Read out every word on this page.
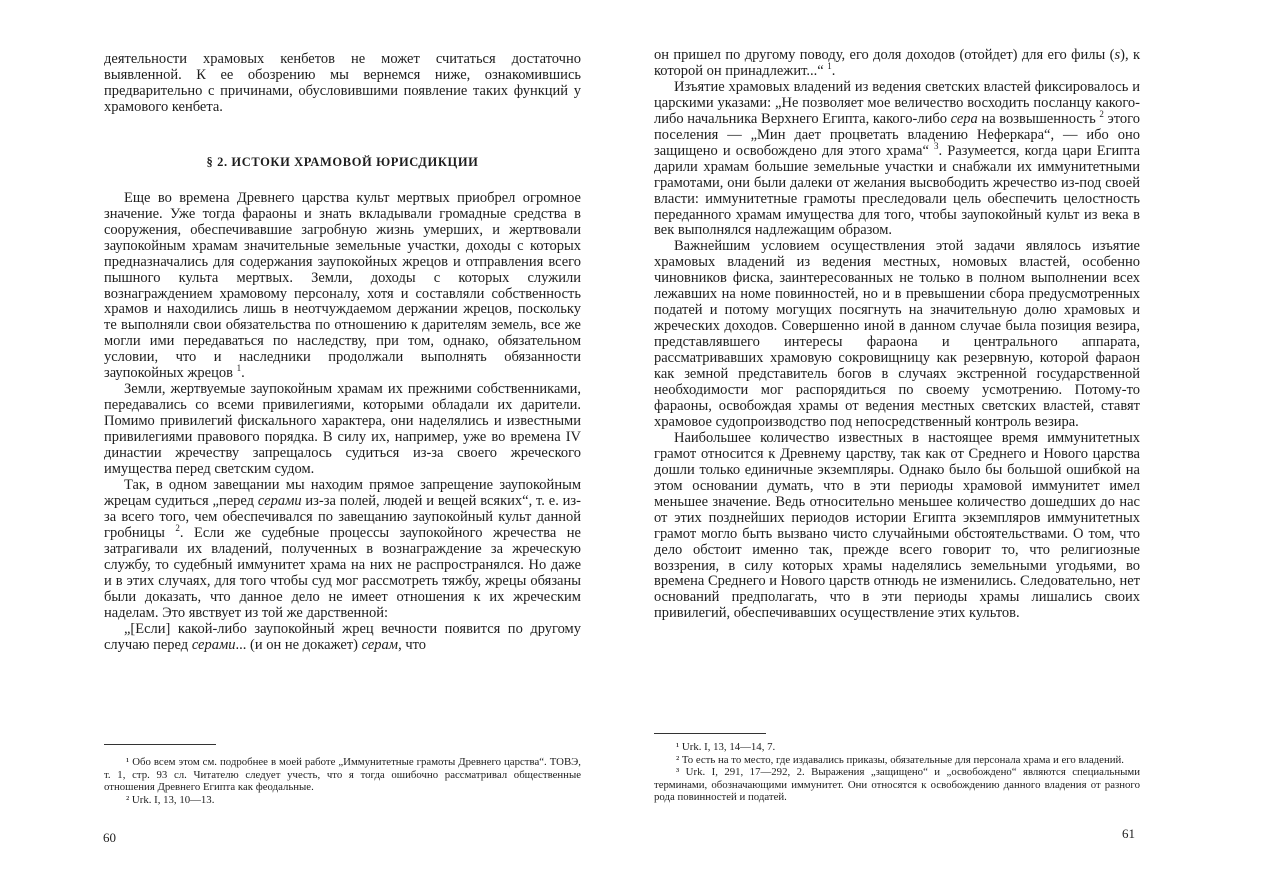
деятельности храмовых кенбетов не может считаться достаточно выявленной. К ее обозрению мы вернемся ниже, ознакомившись предварительно с причинами, обусловившими появление таких функций у храмового кенбета.

§ 2. ИСТОКИ ХРАМОВОЙ ЮРИСДИКЦИИ

Еще во времена Древнего царства культ мертвых приобрел огромное значение. Уже тогда фараоны и знать вкладывали громадные средства в сооружения, обеспечивавшие загробную жизнь умерших, и жертвовали заупокойным храмам значительные земельные участки, доходы с которых предназначались для содержания заупокойных жрецов и отправления всего пышного культа мертвых. Земли, доходы с которых служили вознаграждением храмовому персоналу, хотя и составляли собственность храмов и находились лишь в неотчуждаемом держании жрецов, поскольку те выполняли свои обязательства по отношению к дарителям земель, все же могли ими передаваться по наследству, при том, однако, обязательном условии, что и наследники продолжали выполнять обязанности заупокойных жрецов $^1$.

Земли, жертвуемые заупокойным храмам их прежними собственниками, передавались со всеми привилегиями, которыми обладали их дарители. Помимо привилегий фискального характера, они наделялись и известными привилегиями правового порядка. В силу их, например, уже во времена IV династии жречеству запрещалось судиться из-за своего жреческого имущества перед светским судом.

Так, в одном завещании мы находим прямое запрещение заупокойным жрецам судиться „перед серами из-за полей, людей и вещей всяких“, т. е. из-за всего того, чем обеспечивался по завещанию заупокойный культ данной гробницы $^2$. Если же судебные процессы заупокойного жречества не затрагивали их владений, полученных в вознаграждение за жреческую службу, то судебный иммунитет храма на них не распространялся. Но даже и в этих случаях, для того чтобы суд мог рассмотреть тяжбу, жрецы обязаны были доказать, что данное дело не имеет отношения к их жреческим наделам. Это явствует из той же дарственной:

„[Если] какой-либо заупокойный жрец вечности появится по другому случаю перед серами... (и он не докажет) серам, что

¹ Обо всем этом см. подробнее в моей работе „Иммунитетные грамоты Древнего царства“. ТОВЭ, т. 1, стр. 93 сл. Читателю следует учесть, что я тогда ошибочно рассматривал общественные отношения Древнего Египта как феодальные.

² Urk. I, 13, 10—13.

60

он пришел по другому поводу, его доля доходов (отойдет) для его филы (s), к которой он принадлежит...“ $^1$.

Изъятие храмовых владений из ведения светских властей фиксировалось и царскими указами: „Не позволяет мое величество восходить посланцу какого-либо начальника Верхнего Египта, какого-либо сера на возвышенность $^2$ этого поселения — „Мин дает процветать владению Неферкара“, — ибо оно защищено и освобождено для этого храма“ $^3$. Разумеется, когда цари Египта дарили храмам большие земельные участки и снабжали их иммунитетными грамотами, они были далеки от желания высвободить жречество из-под своей власти: иммунитетные грамоты преследовали цель обеспечить целостность переданного храмам имущества для того, чтобы заупокойный культ из века в век выполнялся надлежащим образом.

Важнейшим условием осуществления этой задачи являлось изъятие храмовых владений из ведения местных, номовых властей, особенно чиновников фиска, заинтересованных не только в полном выполнении всех лежавших на номе повинностей, но и в превышении сбора предусмотренных податей и потому могущих посягнуть на значительную долю храмовых и жреческих доходов. Совершенно иной в данном случае была позиция везира, представлявшего интересы фараона и центрального аппарата, рассматривавших храмовую сокровищницу как резервную, которой фараон как земной представитель богов в случаях экстренной государственной необходимости мог распорядиться по своему усмотрению. Потому-то фараоны, освобождая храмы от ведения местных светских властей, ставят храмовое судопроизводство под непосредственный контроль везира.

Наибольшее количество известных в настоящее время иммунитетных грамот относится к Древнему царству, так как от Среднего и Нового царства дошли только единичные экземпляры. Однако было бы большой ошибкой на этом основании думать, что в эти периоды храмовой иммунитет имел меньшее значение. Ведь относительно меньшее количество дошедших до нас от этих позднейших периодов истории Египта экземпляров иммунитетных грамот могло быть вызвано чисто случайными обстоятельствами. О том, что дело обстоит именно так, прежде всего говорит то, что религиозные воззрения, в силу которых храмы наделялись земельными угодьями, во времена Среднего и Нового царств отнюдь не изменились. Следовательно, нет оснований предполагать, что в эти периоды храмы лишались своих привилегий, обеспечивавших осуществление этих культов.

¹ Urk. I, 13, 14—14, 7.

² То есть на то место, где издавались приказы, обязательные для персонала храма и его владений.

³ Urk. I, 291, 17—292, 2. Выражения „защищено“ и „освобождено“ являются специальными терминами, обозначающими иммунитет. Они относятся к освобождению данного владения от разного рода повинностей и податей.

61
